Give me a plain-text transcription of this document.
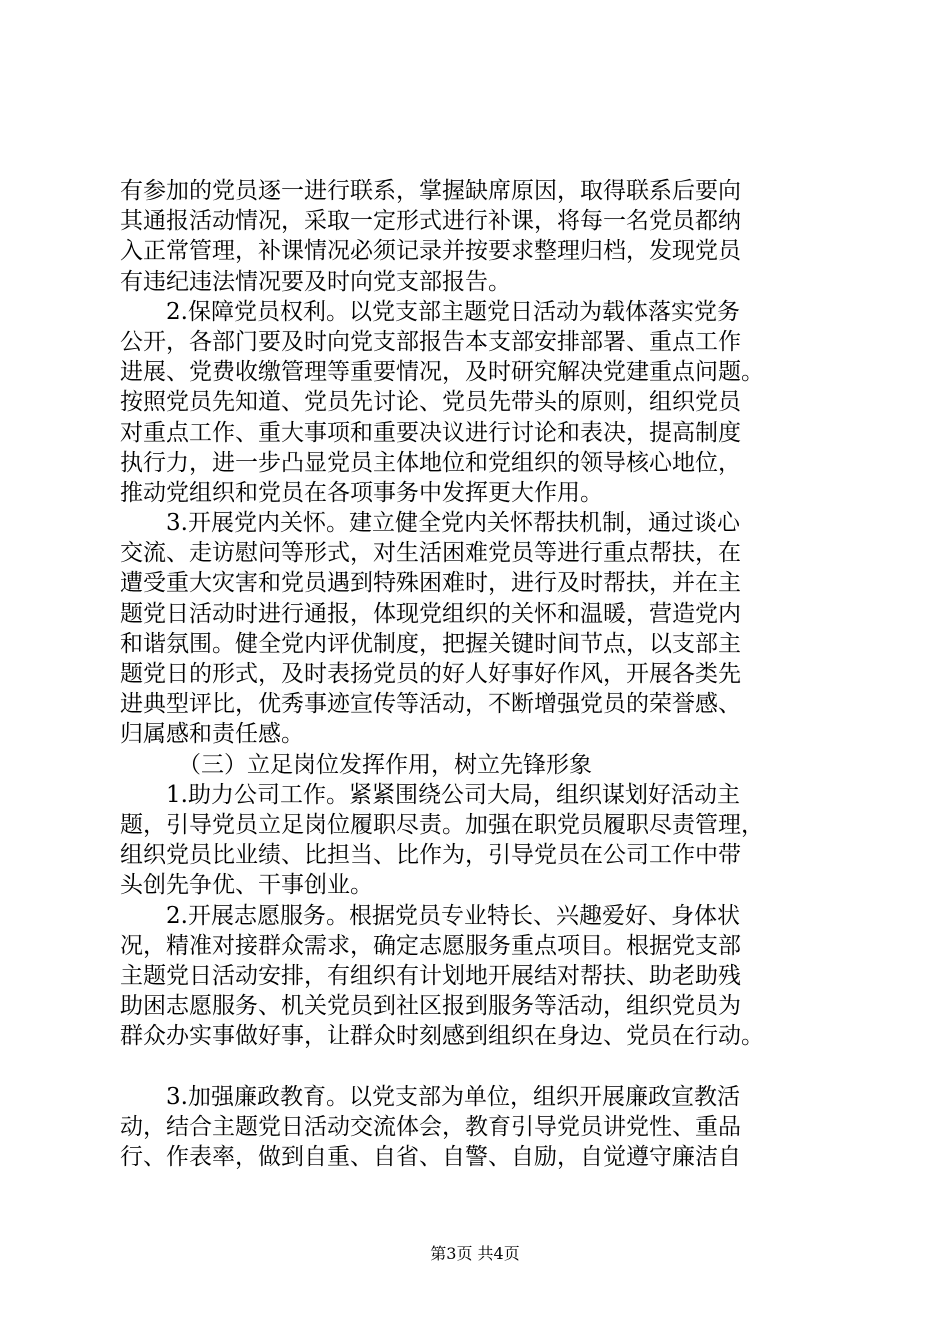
有参加的党员逐一进行联系，掌握缺席原因，取得联系后要向
其通报活动情况，采取一定形式进行补课，将每一名党员都纳
入正常管理，补课情况必须记录并按要求整理归档，发现党员
有违纪违法情况要及时向党支部报告。
2.保障党员权利。以党支部主题党日活动为载体落实党务
公开，各部门要及时向党支部报告本支部安排部署、重点工作
进展、党费收缴管理等重要情况，及时研究解决党建重点问题。
按照党员先知道、党员先讨论、党员先带头的原则，组织党员
对重点工作、重大事项和重要决议进行讨论和表决，提高制度
执行力，进一步凸显党员主体地位和党组织的领导核心地位，
推动党组织和党员在各项事务中发挥更大作用。
3.开展党内关怀。建立健全党内关怀帮扶机制，通过谈心
交流、走访慰问等形式，对生活困难党员等进行重点帮扶，在
遭受重大灾害和党员遇到特殊困难时，进行及时帮扶，并在主
题党日活动时进行通报，体现党组织的关怀和温暖，营造党内
和谐氛围。健全党内评优制度，把握关键时间节点，以支部主
题党日的形式，及时表扬党员的好人好事好作风，开展各类先
进典型评比，优秀事迹宣传等活动，不断增强党员的荣誉感、
归属感和责任感。
（三）立足岗位发挥作用，树立先锋形象
1.助力公司工作。紧紧围绕公司大局，组织谋划好活动主
题，引导党员立足岗位履职尽责。加强在职党员履职尽责管理，
组织党员比业绩、比担当、比作为，引导党员在公司工作中带
头创先争优、干事创业。
2.开展志愿服务。根据党员专业特长、兴趣爱好、身体状
况，精准对接群众需求，确定志愿服务重点项目。根据党支部
主题党日活动安排，有组织有计划地开展结对帮扶、助老助残
助困志愿服务、机关党员到社区报到服务等活动，组织党员为
群众办实事做好事，让群众时刻感到组织在身边、党员在行动。
3.加强廉政教育。以党支部为单位，组织开展廉政宣教活
动，结合主题党日活动交流体会，教育引导党员讲党性、重品
行、作表率，做到自重、自省、自警、自励，自觉遵守廉洁自
第3页 共4页
